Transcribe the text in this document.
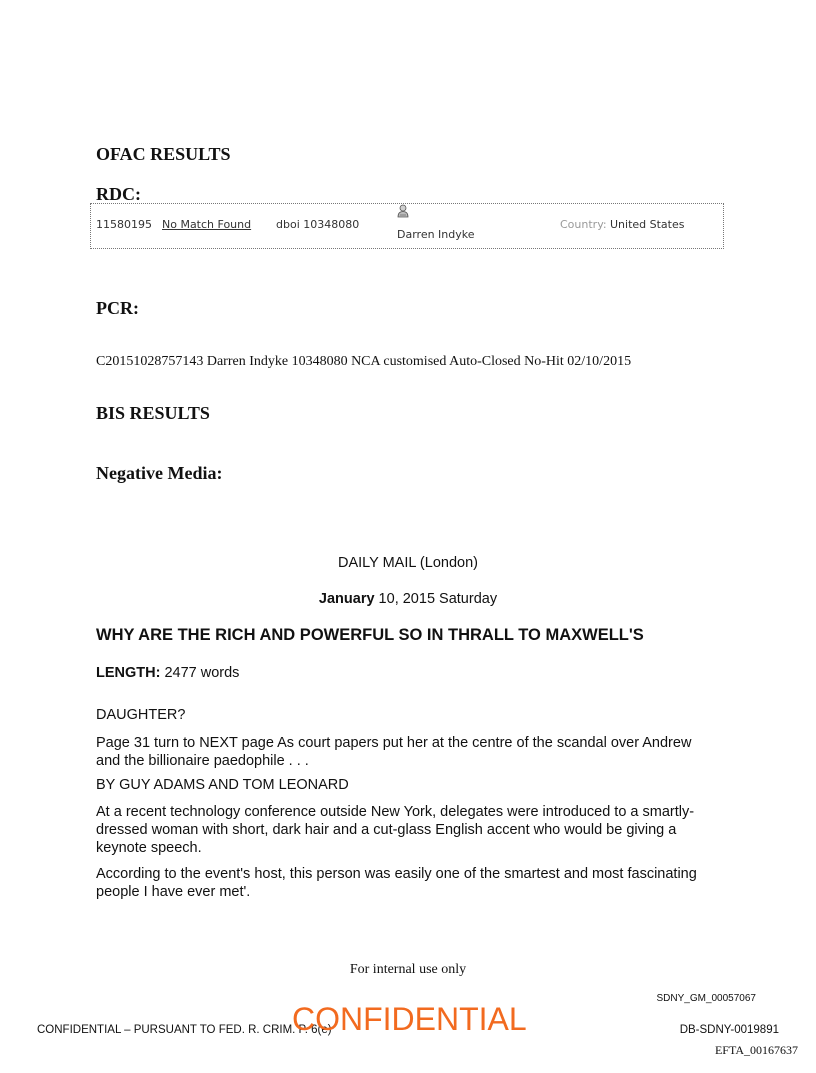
OFAC RESULTS
RDC:
11580195 No Match Found dboi 10348080
Darren Indyke
Country: United States
PCR:
C20151028757143 Darren Indyke 10348080 NCA customised Auto-Closed No-Hit 02/10/2015
BIS RESULTS
Negative Media:
DAILY MAIL (London)
January 10, 2015 Saturday
WHY ARE THE RICH AND POWERFUL SO IN THRALL TO MAXWELL'S
LENGTH: 2477 words
DAUGHTER?
Page 31 turn to NEXT page As court papers put her at the centre of the scandal over Andrew and the billionaire paedophile . . .
BY GUY ADAMS AND TOM LEONARD
At a recent technology conference outside New York, delegates were introduced to a smartly-dressed woman with short, dark hair and a cut-glass English accent who would be giving a keynote speech.
According to the event's host, this person was easily one of the smartest and most fascinating people I have ever met'.
For internal use only
SDNY_GM_00057067
CONFIDENTIAL – PURSUANT TO FED. R. CRIM. P. 6(e)
CONFIDENTIAL	DB-SDNY-0019891
EFTA_00167637
